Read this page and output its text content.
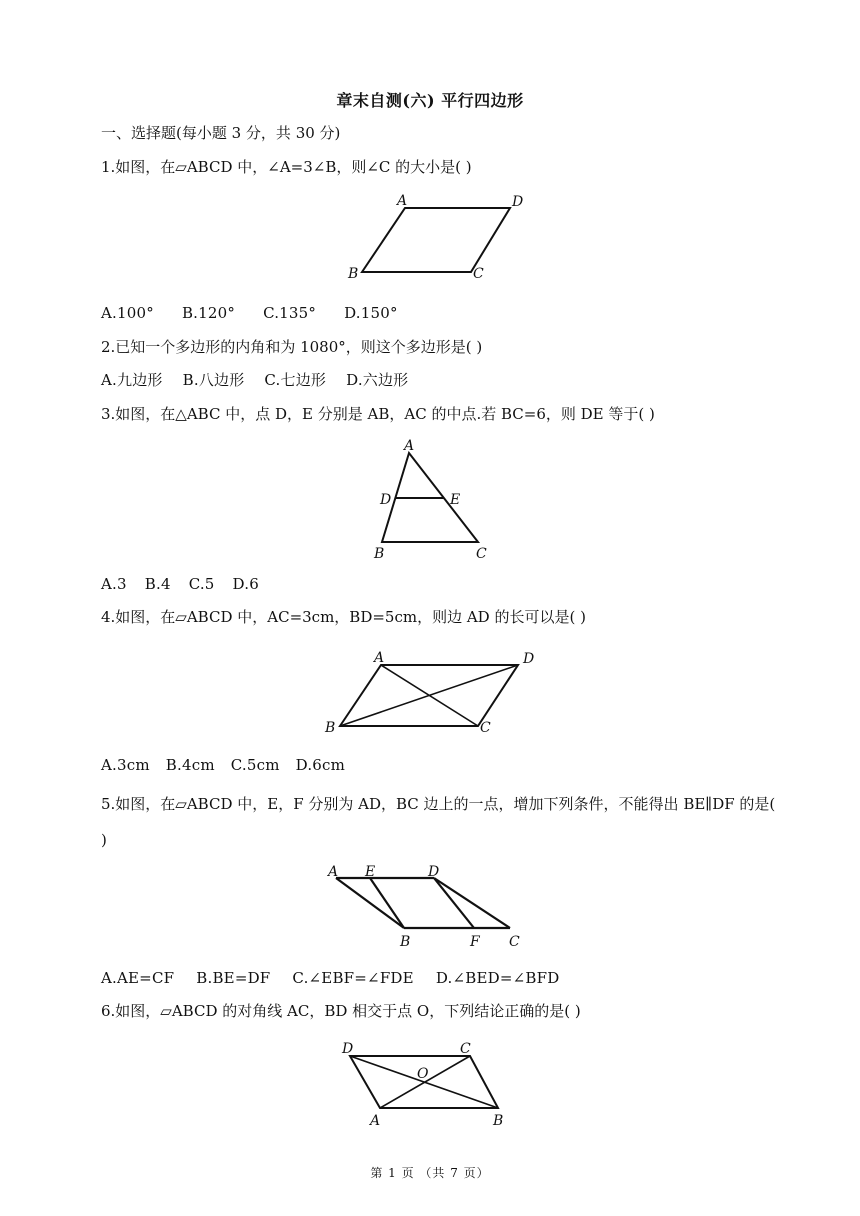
章末自测(六) 平行四边形
一、选择题(每小题 3 分，共 30 分)
1.如图，在▱ABCD 中，∠A=3∠B，则∠C 的大小是( )
A	D
B	C
A.100° B.120° C.135° D.150°
2.已知一个多边形的内角和为 1080°，则这个多边形是( )
A.九边形 B.八边形 C.七边形 D.六边形
3.如图，在△ABC 中，点 D，E 分别是 AB，AC 的中点.若 BC=6，则 DE 等于( )
A
D	E
B	C
A.3 B.4 C.5 D.6
4.如图，在▱ABCD 中，AC=3cm，BD=5cm，则边 AD 的长可以是( )
A	D
B	C
A.3cm B.4cm C.5cm D.6cm
5.如图，在▱ABCD 中，E，F 分别为 AD，BC 边上的一点，增加下列条件，不能得出 BE∥DF 的是( )
A E	D
B	F C
A.AE=CF B.BE=DF C.∠EBF=∠FDE D.∠BED=∠BFD
6.如图，▱ABCD 的对角线 AC，BD 相交于点 O，下列结论正确的是( )
D	C
O
A	B
第 1 页 （共 7 页）
